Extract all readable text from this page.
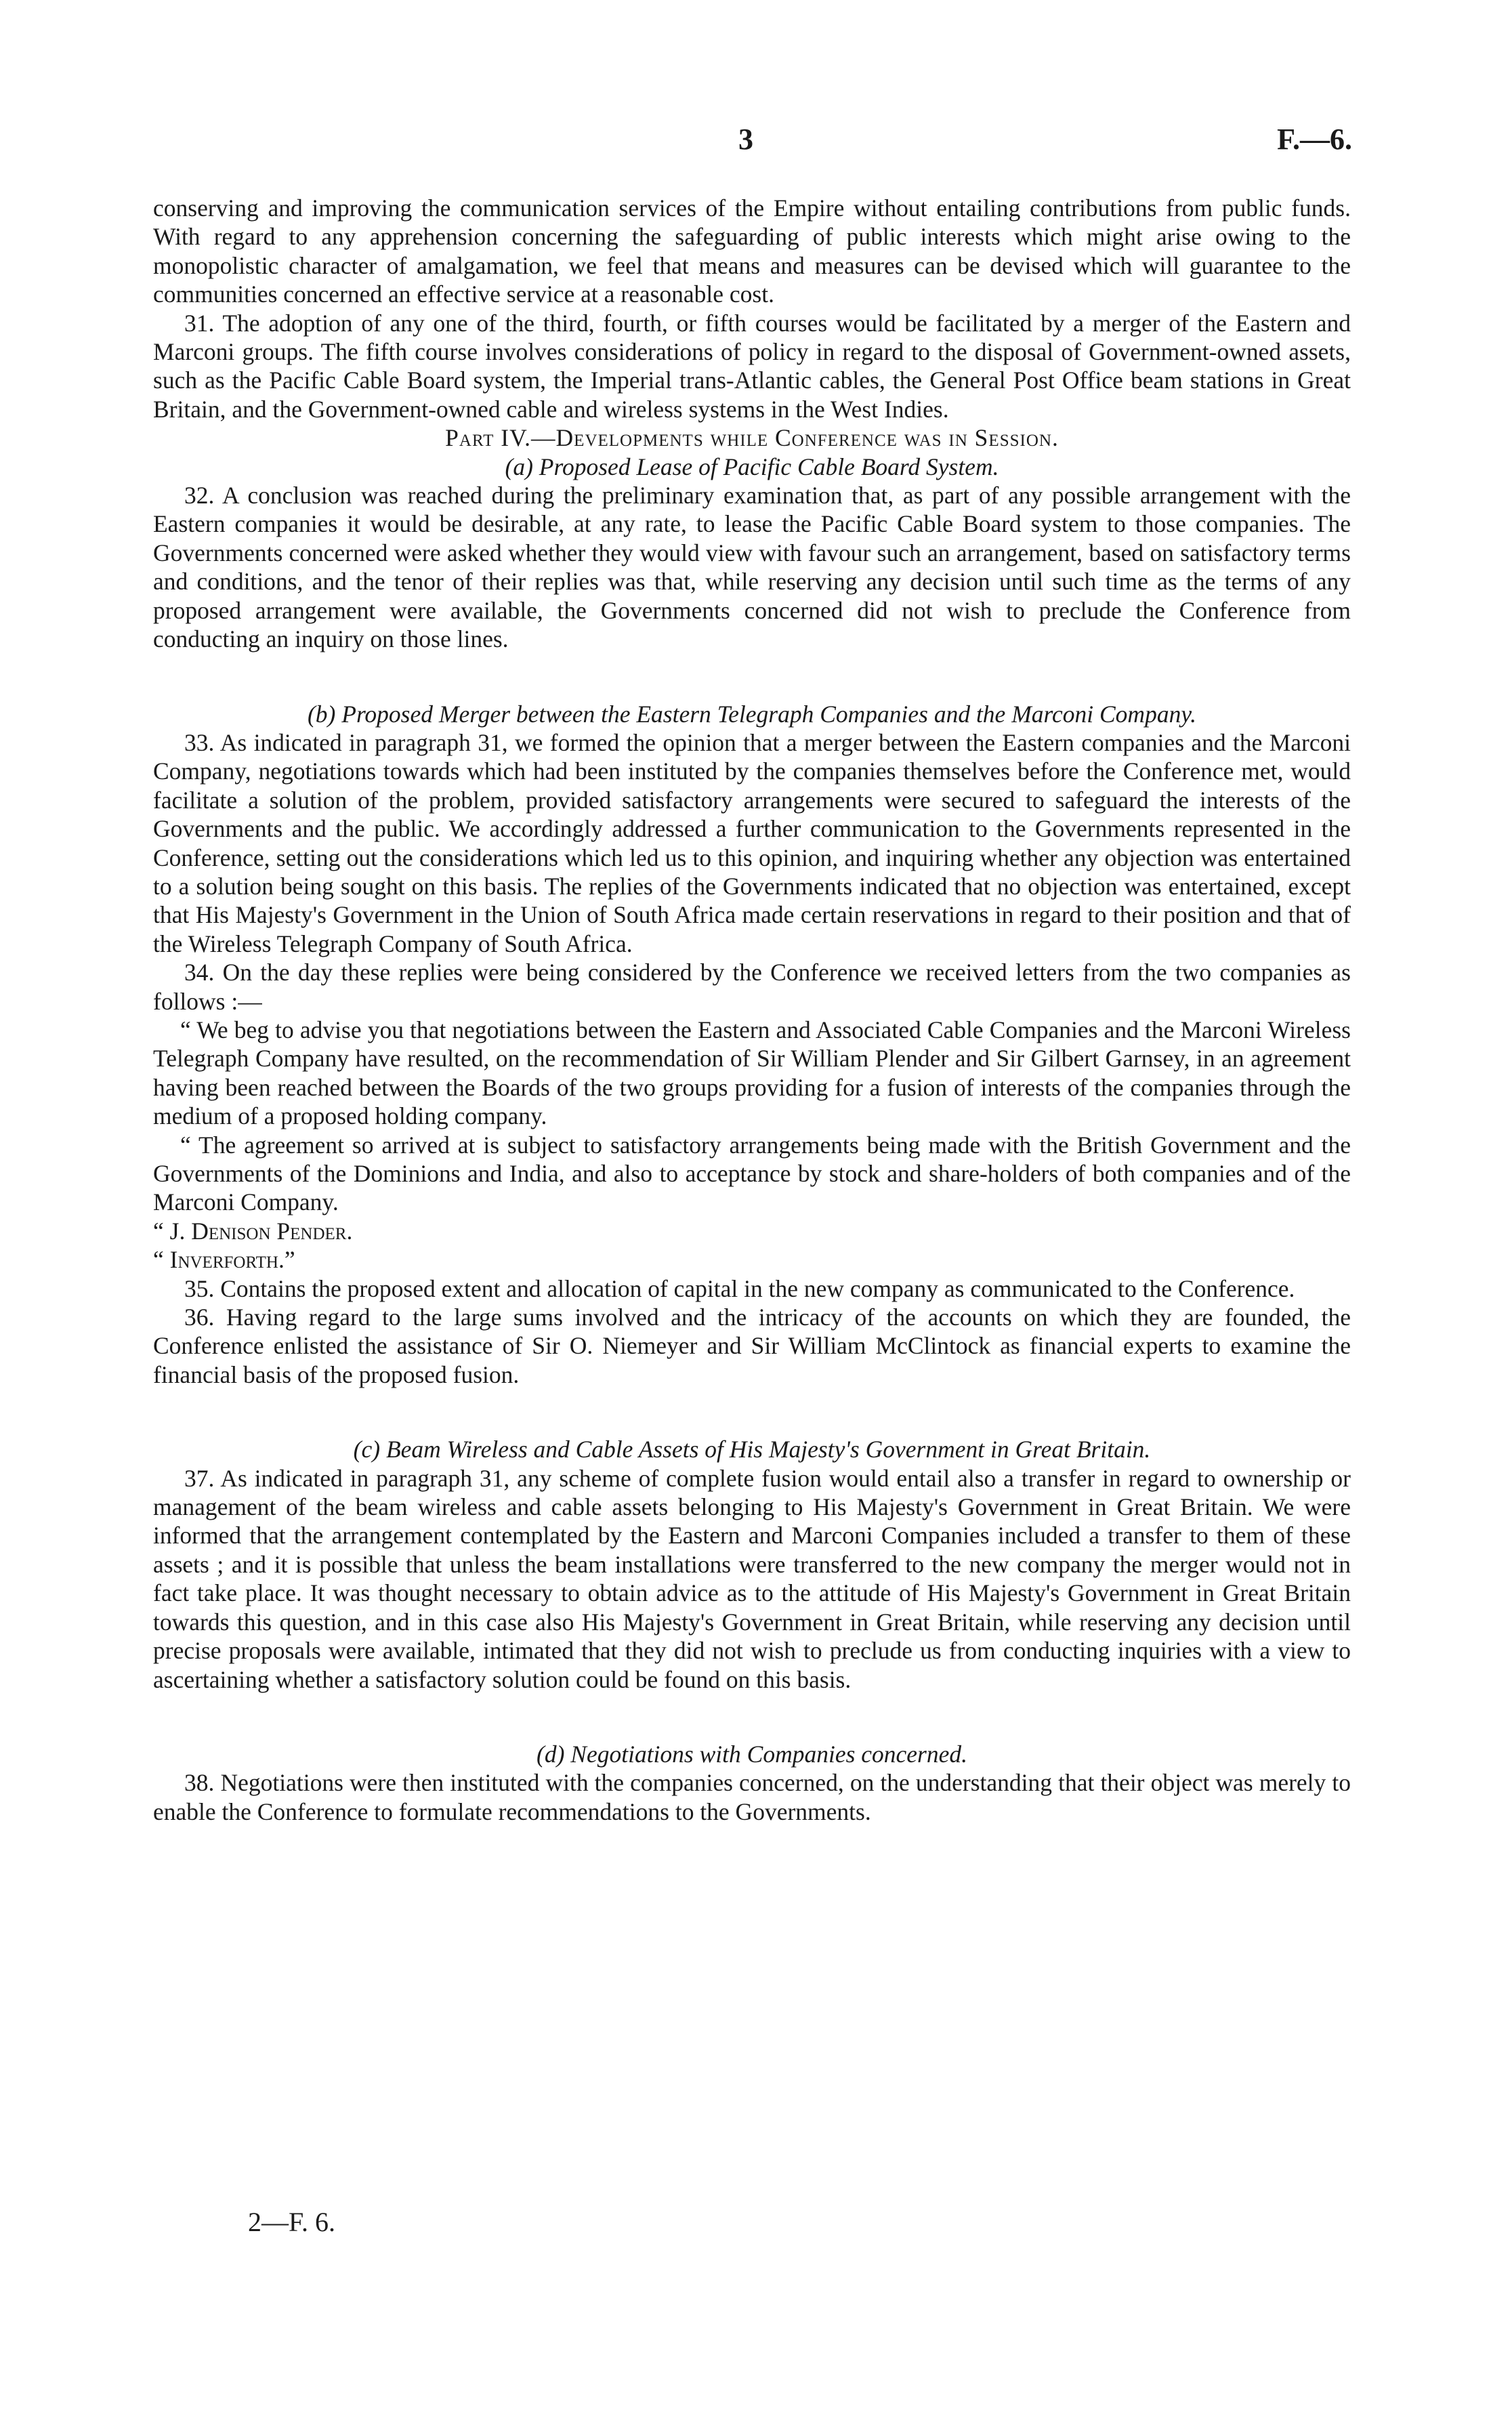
3	F.—6.

conserving and improving the communication services of the Empire without entailing contributions from public funds. With regard to any apprehension concerning the safeguarding of public interests which might arise owing to the monopolistic character of amalgamation, we feel that means and measures can be devised which will guarantee to the communities concerned an effective service at a reasonable cost.

31. The adoption of any one of the third, fourth, or fifth courses would be facilitated by a merger of the Eastern and Marconi groups. The fifth course involves considerations of policy in regard to the disposal of Government-owned assets, such as the Pacific Cable Board system, the Imperial trans-Atlantic cables, the General Post Office beam stations in Great Britain, and the Government-owned cable and wireless systems in the West Indies.

Part IV.—Developments while Conference was in Session.

(a) Proposed Lease of Pacific Cable Board System.

32. A conclusion was reached during the preliminary examination that, as part of any possible arrangement with the Eastern companies it would be desirable, at any rate, to lease the Pacific Cable Board system to those companies. The Governments concerned were asked whether they would view with favour such an arrangement, based on satisfactory terms and conditions, and the tenor of their replies was that, while reserving any decision until such time as the terms of any proposed arrangement were available, the Governments concerned did not wish to preclude the Conference from conducting an inquiry on those lines.

(b) Proposed Merger between the Eastern Telegraph Companies and the Marconi Company.

33. As indicated in paragraph 31, we formed the opinion that a merger between the Eastern companies and the Marconi Company, negotiations towards which had been instituted by the companies themselves before the Conference met, would facilitate a solution of the problem, provided satisfactory arrangements were secured to safeguard the interests of the Governments and the public. We accordingly addressed a further communication to the Governments represented in the Conference, setting out the considerations which led us to this opinion, and inquiring whether any objection was entertained to a solution being sought on this basis. The replies of the Governments indicated that no objection was entertained, except that His Majesty's Government in the Union of South Africa made certain reservations in regard to their position and that of the Wireless Telegraph Company of South Africa.

34. On the day these replies were being considered by the Conference we received letters from the two companies as follows :—

“ We beg to advise you that negotiations between the Eastern and Associated Cable Companies and the Marconi Wireless Telegraph Company have resulted, on the recommendation of Sir William Plender and Sir Gilbert Garnsey, in an agreement having been reached between the Boards of the two groups providing for a fusion of interests of the companies through the medium of a proposed holding company.

“ The agreement so arrived at is subject to satisfactory arrangements being made with the British Government and the Governments of the Dominions and India, and also to acceptance by stock and share-holders of both companies and of the Marconi Company.

“ J. Denison Pender.

“ Inverforth.”

35. Contains the proposed extent and allocation of capital in the new company as communicated to the Conference.

36. Having regard to the large sums involved and the intricacy of the accounts on which they are founded, the Conference enlisted the assistance of Sir O. Niemeyer and Sir William McClintock as financial experts to examine the financial basis of the proposed fusion.

(c) Beam Wireless and Cable Assets of His Majesty's Government in Great Britain.

37. As indicated in paragraph 31, any scheme of complete fusion would entail also a transfer in regard to ownership or management of the beam wireless and cable assets belonging to His Majesty's Government in Great Britain. We were informed that the arrangement contemplated by the Eastern and Marconi Companies included a transfer to them of these assets ; and it is possible that unless the beam installations were transferred to the new company the merger would not in fact take place. It was thought necessary to obtain advice as to the attitude of His Majesty's Government in Great Britain towards this question, and in this case also His Majesty's Government in Great Britain, while reserving any decision until precise proposals were available, intimated that they did not wish to preclude us from conducting inquiries with a view to ascertaining whether a satisfactory solution could be found on this basis.

(d) Negotiations with Companies concerned.

38. Negotiations were then instituted with the companies concerned, on the understanding that their object was merely to enable the Conference to formulate recommendations to the Governments.

2—F. 6.
